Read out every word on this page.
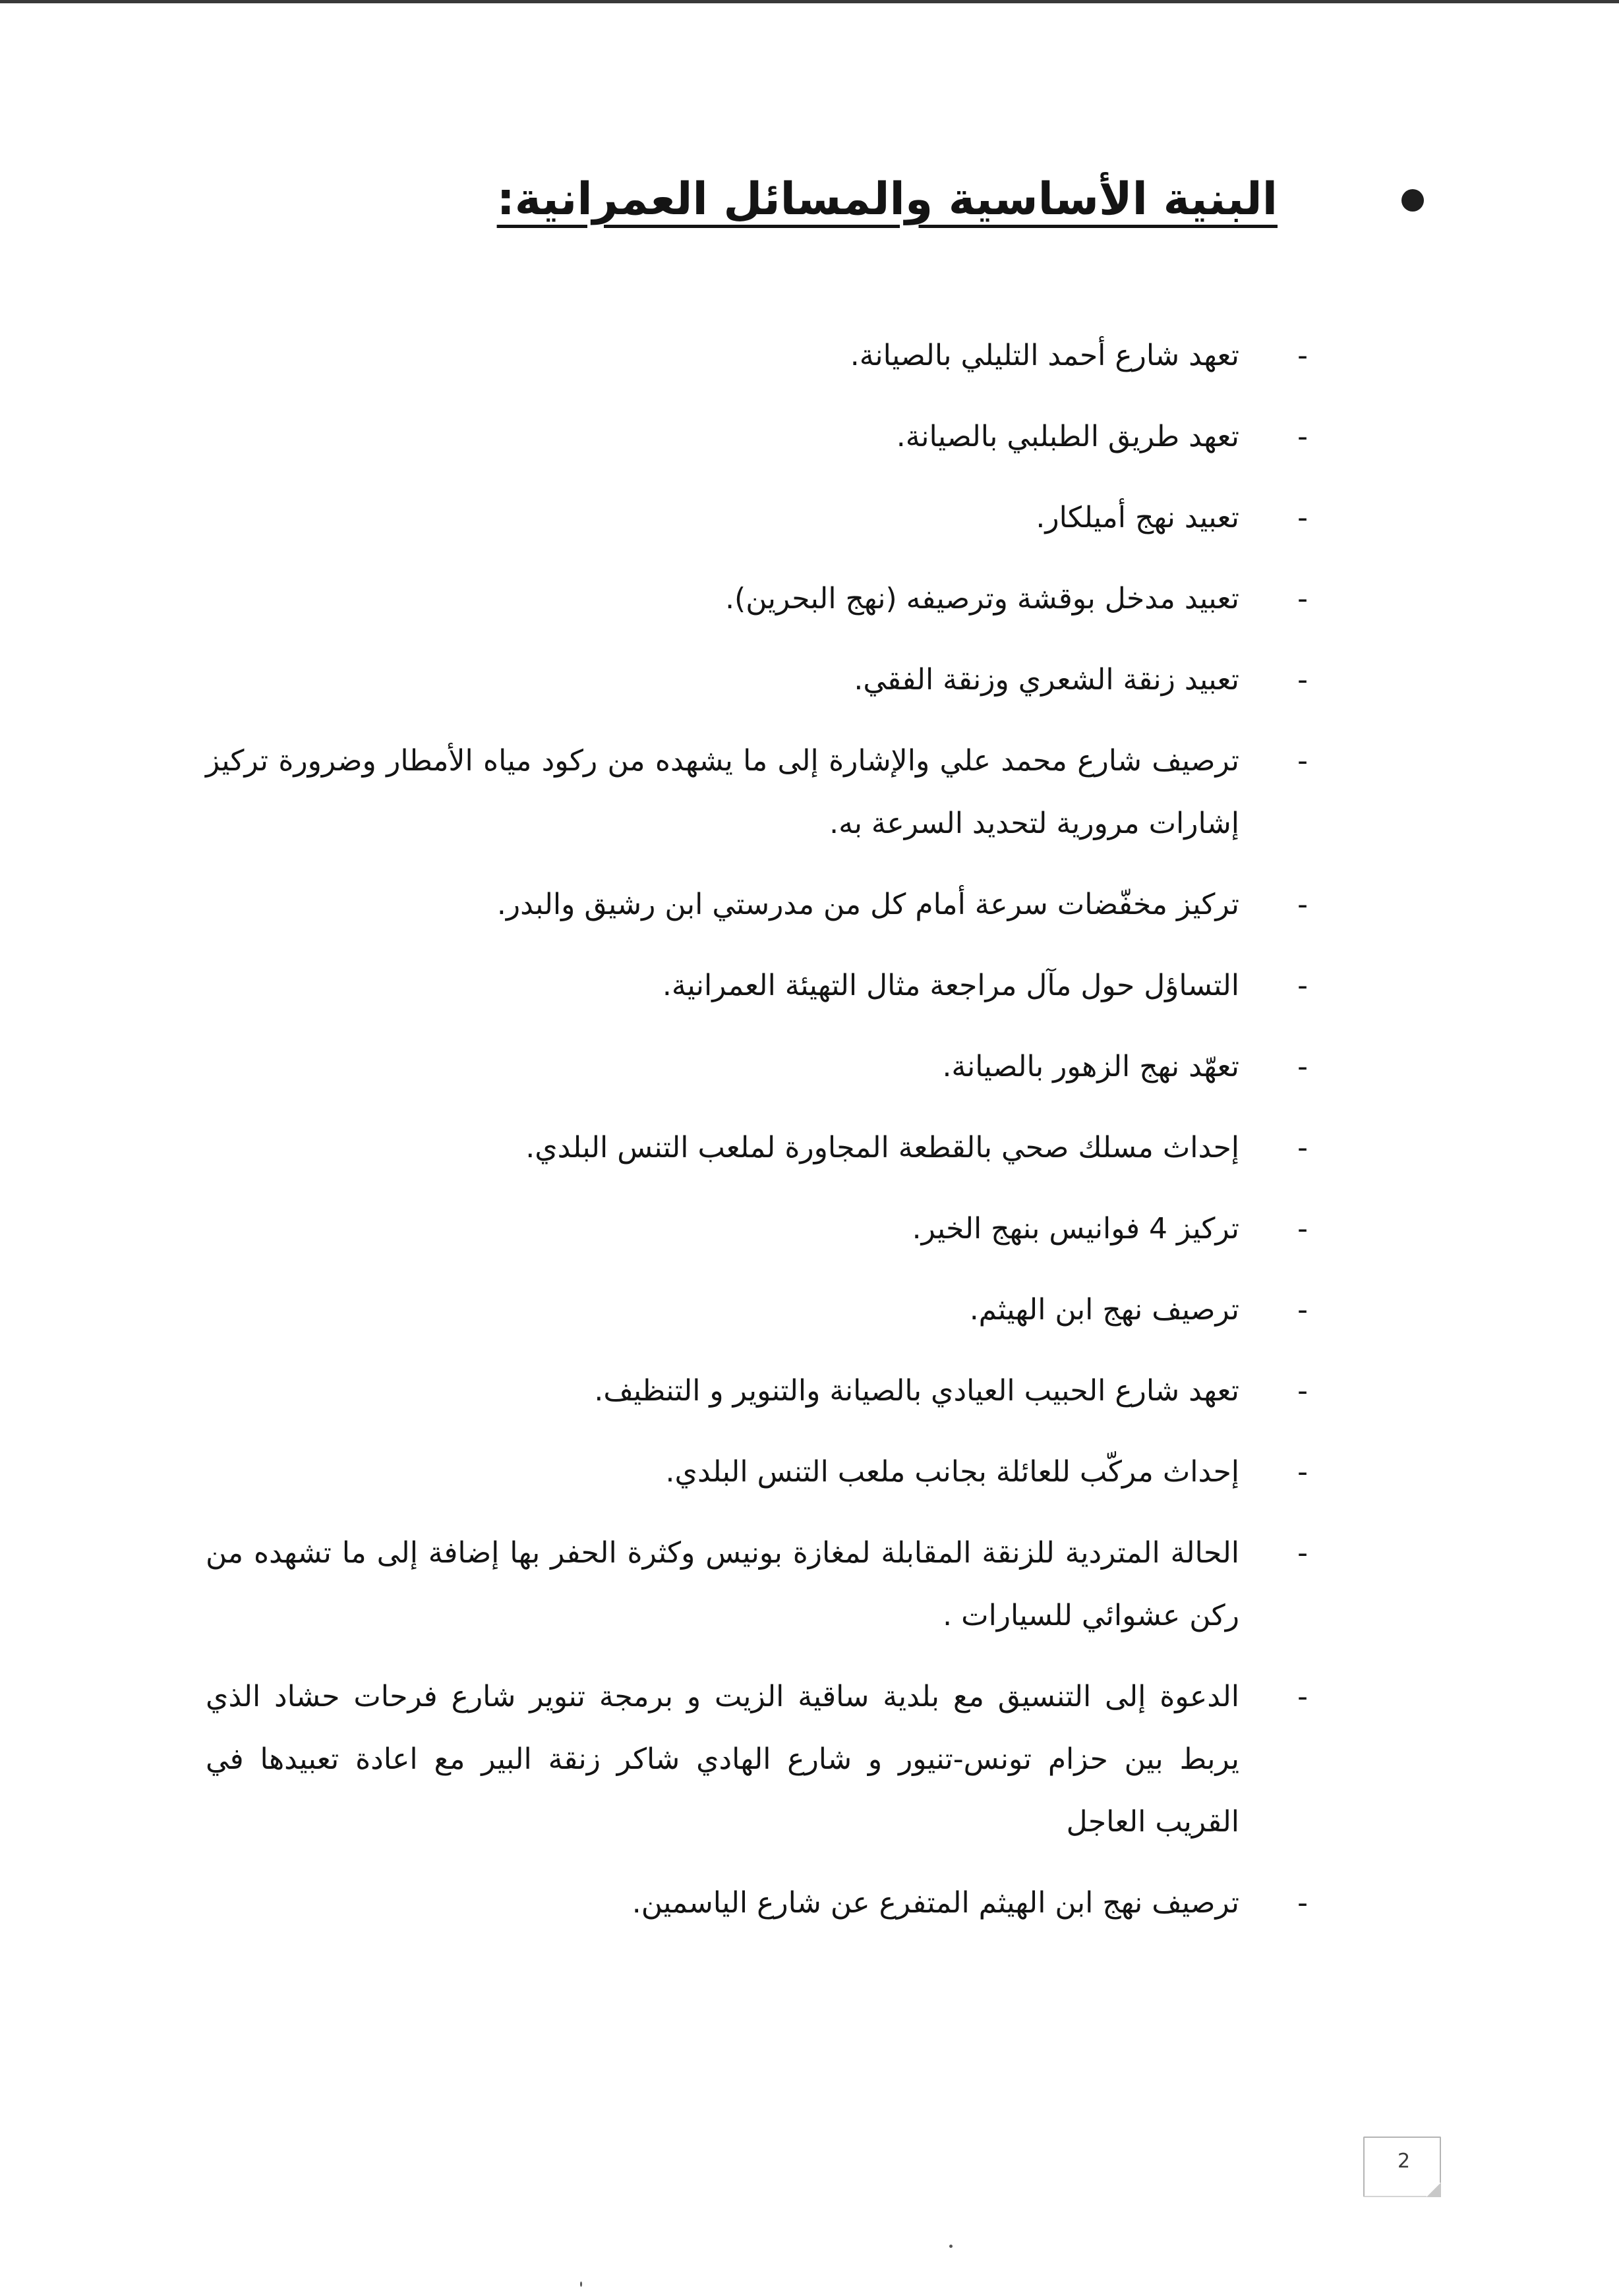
البنية الأساسية والمسائل العمرانية:
-
تعهد شارع أحمد التليلي بالصيانة.
-
تعهد طريق الطبلبي بالصيانة.
-
تعبيد نهج أميلكار.
-
تعبيد مدخل بوقشة وترصيفه (نهج البحرين).
-
تعبيد زنقة الشعري وزنقة الفقي.
-
ترصيف شارع محمد علي والإشارة إلى ما يشهده من ركود مياه الأمطار وضرورة تركيز إشارات مرورية لتحديد السرعة به.
-
تركيز مخفّضات سرعة أمام كل من مدرستي ابن رشيق والبدر.
-
التساؤل حول مآل مراجعة مثال التهيئة العمرانية.
-
تعهّد نهج الزهور بالصيانة.
-
إحداث مسلك صحي بالقطعة المجاورة لملعب التنس البلدي.
-
تركيز 4 فوانيس بنهج الخير.
-
ترصيف نهج ابن الهيثم.
-
تعهد شارع الحبيب العيادي بالصيانة والتنوير و التنظيف.
-
إحداث مركّب للعائلة بجانب ملعب التنس البلدي.
-
الحالة المتردية للزنقة المقابلة لمغازة بونيس وكثرة الحفر بها إضافة إلى ما تشهده من ركن عشوائي للسيارات .
-
الدعوة إلى التنسيق مع بلدية ساقية الزيت و برمجة تنوير شارع فرحات حشاد الذي يربط بين حزام تونس-تنيور و شارع الهادي شاكر زنقة البير مع اعادة تعبيدها في القريب العاجل
-
ترصيف نهج ابن الهيثم المتفرع عن شارع الياسمين.
2
